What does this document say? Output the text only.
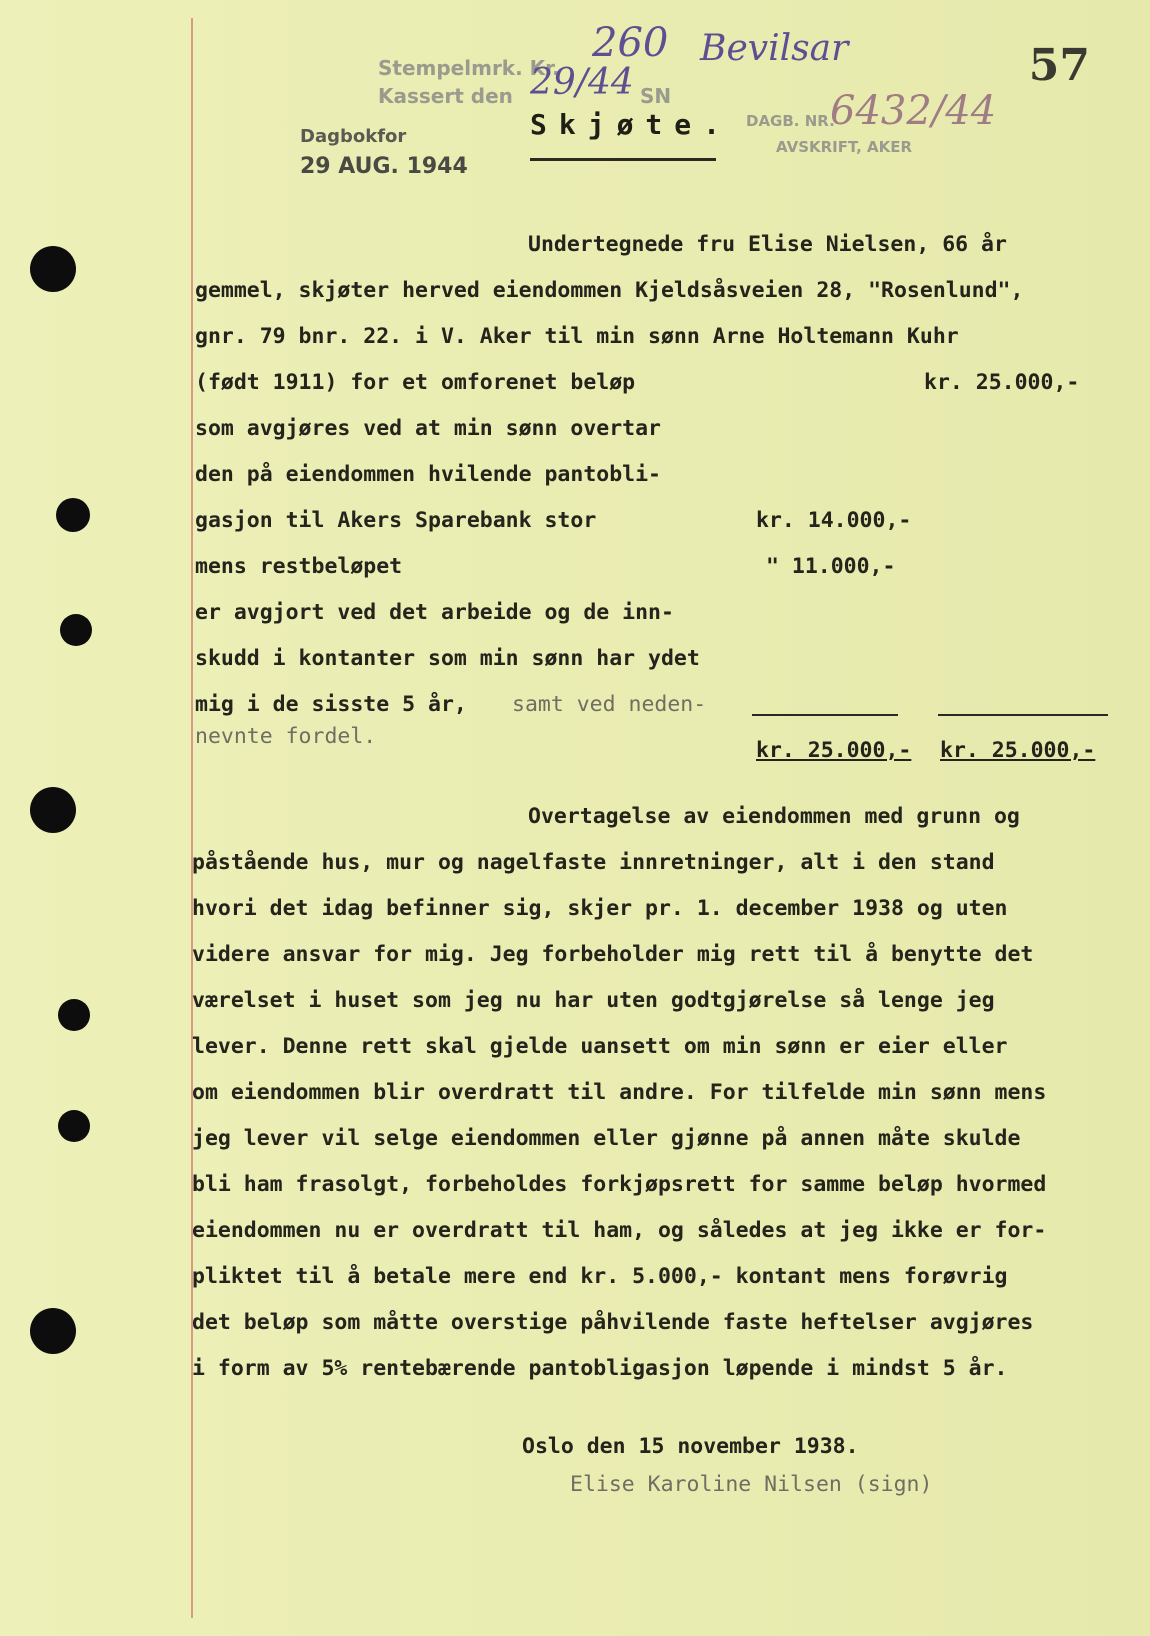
Stempelmrk. Kr.
Kassert den	SN
260 Bevilsar
29/44
Dagbokfor
29 AUG. 1944
DAGB. NR.
6432/44
AVSKRIFT, AKER
57
Skjøte.
Undertegnede fru Elise Nielsen, 66 år
gemmel, skjøter herved eiendommen Kjeldsåsveien 28, "Rosenlund",
gnr. 79 bnr. 22. i V. Aker til min sønn Arne Holtemann Kuhr
(født 1911) for et omforenet beløp	kr. 25.000,-
som avgjøres ved at min sønn overtar
den på eiendommen hvilende pantobli-
gasjon til Akers Sparebank stor	kr. 14.000,-
mens restbeløpet	" 11.000,-
er avgjort ved det arbeide og de inn-
skudd i kontanter som min sønn har ydet
mig i de sisste 5 år, samt ved neden-
nevnte fordel.
kr. 25.000,- kr. 25.000,-
Overtagelse av eiendommen med grunn og
påstående hus, mur og nagelfaste innretninger, alt i den stand
hvori det idag befinner sig, skjer pr. 1. december 1938 og uten
videre ansvar for mig. Jeg forbeholder mig rett til å benytte det
værelset i huset som jeg nu har uten godtgjørelse så lenge jeg
lever. Denne rett skal gjelde uansett om min sønn er eier eller
om eiendommen blir overdratt til andre. For tilfelde min sønn mens
jeg lever vil selge eiendommen eller gjønne på annen måte skulde
bli ham frasolgt, forbeholdes forkjøpsrett for samme beløp hvormed
eiendommen nu er overdratt til ham, og således at jeg ikke er for-
pliktet til å betale mere end kr. 5.000,- kontant mens forøvrig
det beløp som måtte overstige påhvilende faste heftelser avgjøres
i form av 5% rentebærende pantobligasjon løpende i mindst 5 år.
Oslo den 15 november 1938.
Elise Karoline Nilsen (sign)
